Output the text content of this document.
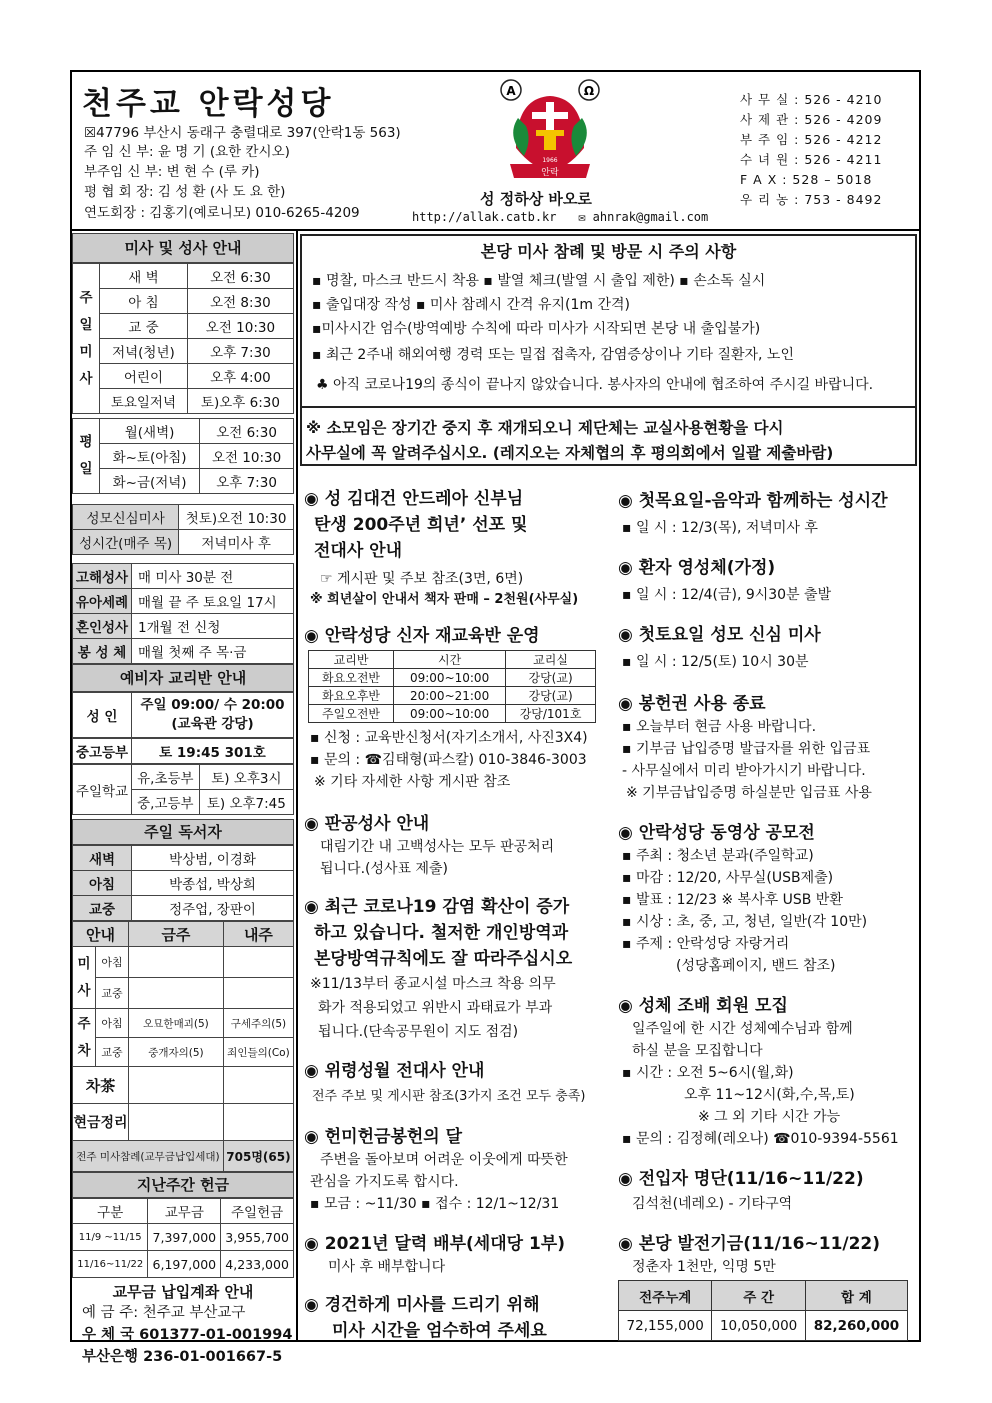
천주교 안락성당
☒47796 부산시 동래구 충렬대로 397(안락1동 563)
주 임 신 부: 윤 명 기 (요한 칸시오)
부주임 신 부: 변 현 수 (루 카)
평 협 회 장: 김 성 환 (사 도 요 한)
연도회장 : 김홍기(예로니모) 010-6265-4209
A	Ω
안락
1966
성 정하상 바오로
http://allak.catb.kr ✉ ahnrak@gmail.com
사 무 실 : 526 - 4210
사 제 관 : 526 - 4209
부 주 임 : 526 - 4212
수 녀 원 : 526 - 4211
F A X : 528 – 5018
우 리 농 : 753 - 8492
미사 및 성사 안내
주
일
미
사	새 벽	오전 6:30
	아 침	오전 8:30
	교 중	오전 10:30
	저녁(청년)	오후 7:30
	어린이	오후 4:00
	토요일저녁	토)오후 6:30
평
일	월(새벽)	오전 6:30
	화~토(아침)	오전 10:30
	화~금(저녁)	오후 7:30
성모신심미사	첫토)오전 10:30
성시간(매주 목)	저녁미사 후
고해성사	매 미사 30분 전
유아세례	매월 끝 주 토요일 17시
혼인성사	1개월 전 신청
봉 성 체	매월 첫째 주 목·금
예비자 교리반 안내
성 인	주일 09:00/ 수 20:00
(교육관 강당)
중고등부	토 19:45 301호
주일학교	유,초등부	토) 오후3시
	중,고등부	토) 오후7:45
주일 독서자
새벽	박상범, 이경화
아침	박종섭, 박상희
교중	정주업, 장판이
안내		금주	내주
미
사	아침		
	교중		
주
차	아침	오묘한매괴(5)	구세주의(5)
	교중	중개자의(5)	죄인들의(Co)
차茶			
현금정리			
전주 미사참례(교무금납입세대)			705명(65)
지난주간 헌금
구분	교무금	주일헌금
11/9 ~11/15	7,397,000	3,955,700
11/16~11/22	6,197,000	4,233,000
교무금 납입계좌 안내
예 금 주: 천주교 부산교구
우 체 국 601377-01-001994
부산은행 236-01-001667-5
본당 미사 참례 및 방문 시 주의 사항
▪ 명찰, 마스크 반드시 착용 ▪ 발열 체크(발열 시 출입 제한) ▪ 손소독 실시
▪ 출입대장 작성 ▪ 미사 참례시 간격 유지(1m 간격)
▪미사시간 엄수(방역예방 수칙에 따라 미사가 시작되면 본당 내 출입불가)
▪ 최근 2주내 해외여행 경력 또는 밀접 접촉자, 감염증상이나 기타 질환자, 노인
♣ 아직 코로나19의 종식이 끝나지 않았습니다. 봉사자의 안내에 협조하여 주시길 바랍니다.
※ 소모임은 장기간 중지 후 재개되오니 제단체는 교실사용현황을 다시
사무실에 꼭 알려주십시오. (레지오는 자체협의 후 평의회에서 일괄 제출바람)
◉ 성 김대건 안드레아 신부님
탄생 200주년 희년’ 선포 및
전대사 안내
☞ 게시판 및 주보 참조(3면, 6면)
※ 희년살이 안내서 책자 판매 – 2천원(사무실)
◉ 안락성당 신자 재교육반 운영
교리반	시간	교리실
화요오전반	09:00~10:00	강당(교)
화요오후반	20:00~21:00	강당(교)
주일오전반	09:00~10:00	강당/101호
▪ 신청 : 교육반신청서(자기소개서, 사진3X4)
▪ 문의 : ☎김태형(파스칼) 010-3846-3003
※ 기타 자세한 사항 게시판 참조
◉ 판공성사 안내
대림기간 내 고백성사는 모두 판공처리
됩니다.(성사표 제출)
◉ 최근 코로나19 감염 확산이 증가
하고 있습니다. 철저한 개인방역과
본당방역규칙에도 잘 따라주십시오
※11/13부터 종교시설 마스크 착용 의무
화가 적용되었고 위반시 과태료가 부과
됩니다.(단속공무원이 지도 점검)
◉ 위령성월 전대사 안내
전주 주보 및 게시판 참조(3가지 조건 모두 충족)
◉ 헌미헌금봉헌의 달
주변을 돌아보며 어려운 이웃에게 따뜻한
관심을 가지도록 합시다.
▪ 모금 : ~11/30 ▪ 접수 : 12/1~12/31
◉ 2021년 달력 배부(세대당 1부)
미사 후 배부합니다
◉ 경건하게 미사를 드리기 위해
미사 시간을 엄수하여 주세요
◉ 첫목요일-음악과 함께하는 성시간
▪ 일 시 : 12/3(목), 저녁미사 후
◉ 환자 영성체(가정)
▪ 일 시 : 12/4(금), 9시30분 출발
◉ 첫토요일 성모 신심 미사
▪ 일 시 : 12/5(토) 10시 30분
◉ 봉헌권 사용 종료
▪ 오늘부터 현금 사용 바랍니다.
▪ 기부금 납입증명 발급자를 위한 입금표
- 사무실에서 미리 받아가시기 바랍니다.
※ 기부금납입증명 하실분만 입금표 사용
◉ 안락성당 동영상 공모전
▪ 주최 : 청소년 분과(주일학교)
▪ 마감 : 12/20, 사무실(USB제출)
▪ 발표 : 12/23 ※ 복사후 USB 반환
▪ 시상 : 초, 중, 고, 청년, 일반(각 10만)
▪ 주제 : 안락성당 자랑거리
(성당홈페이지, 밴드 참조)
◉ 성체 조배 회원 모집
일주일에 한 시간 성체예수님과 함께
하실 분을 모집합니다
▪ 시간 : 오전 5~6시(월,화)
오후 11~12시(화,수,목,토)
※ 그 외 기타 시간 가능
▪ 문의 : 김정혜(레오나) ☎010-9394-5561
◉ 전입자 명단(11/16~11/22)
김석천(네레오) - 기타구역
◉ 본당 발전기금(11/16~11/22)
정춘자 1천만, 익명 5만
전주누계	주 간	합 계
72,155,000	10,050,000	82,260,000
